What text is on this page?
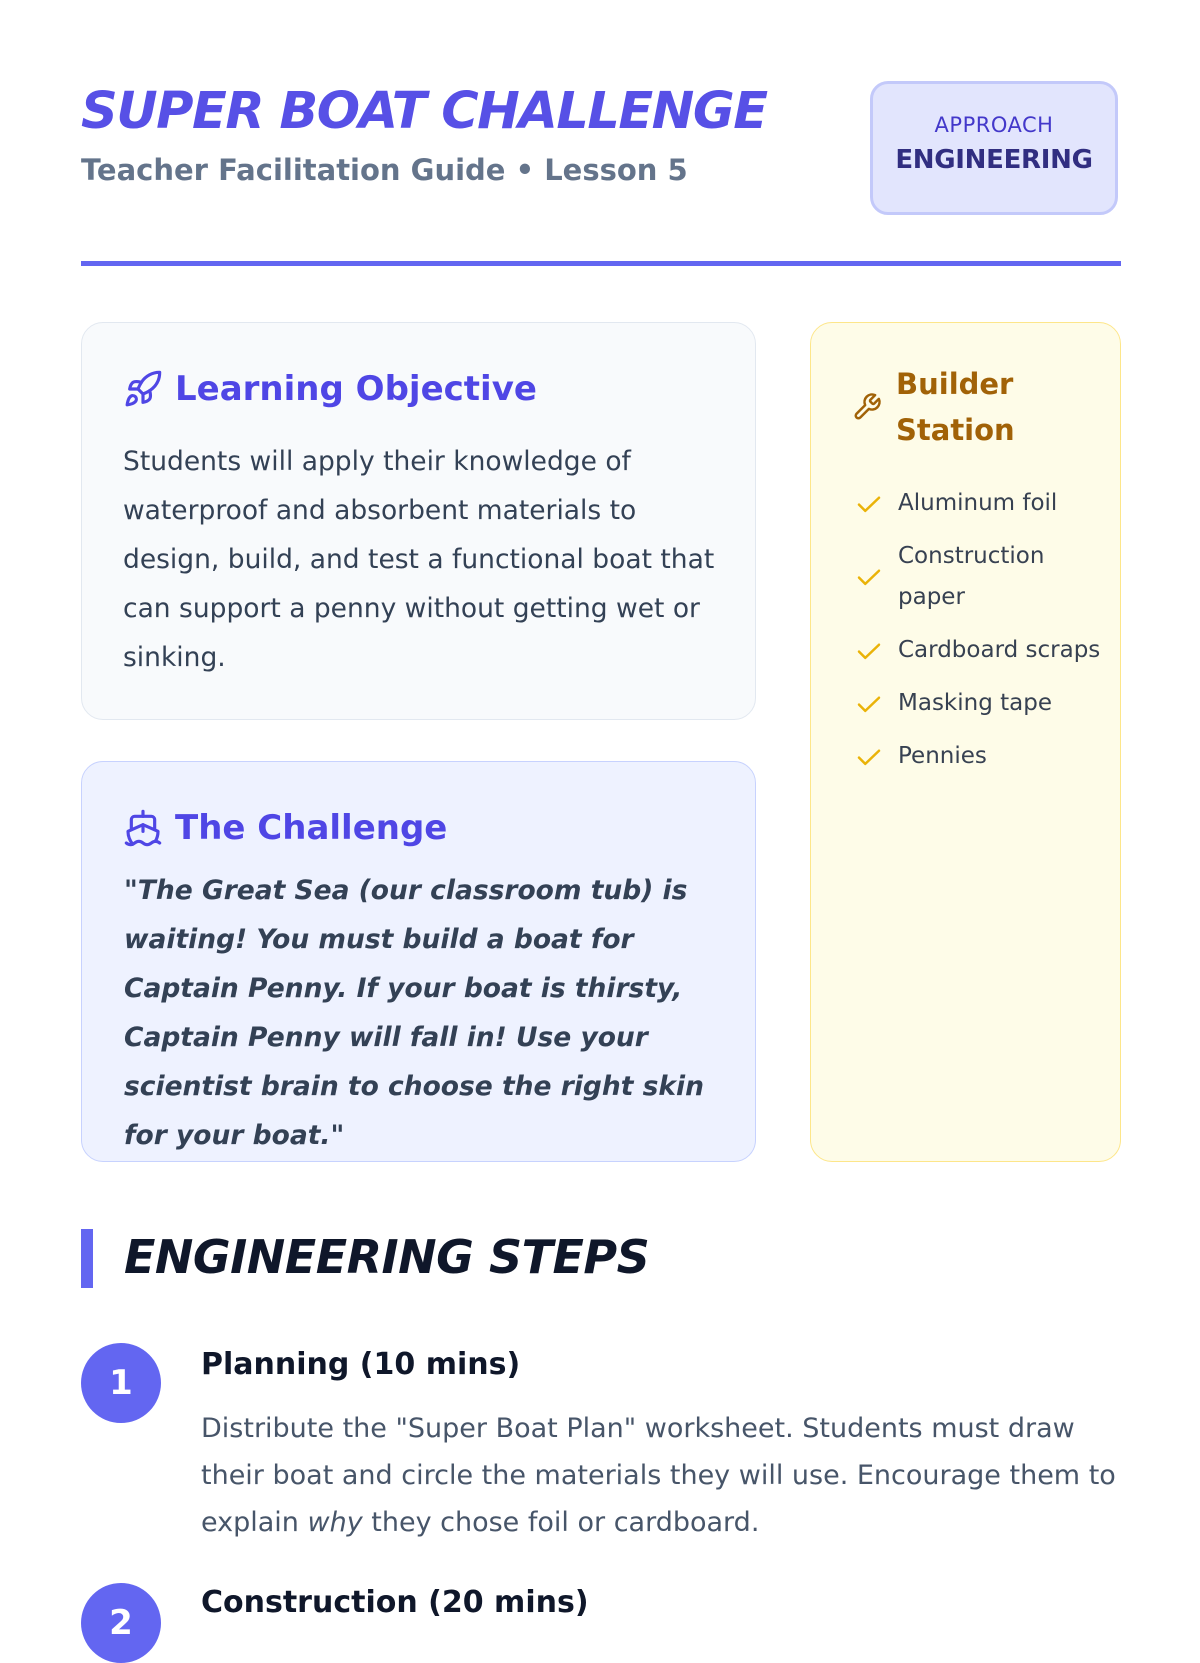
SUPER BOAT CHALLENGE
Teacher Facilitation Guide • Lesson 5
APPROACH
ENGINEERING
Learning Objective

Students will apply their knowledge of waterproof and absorbent materials to design, build, and test a functional boat that can support a penny without getting wet or sinking.

The Challenge

"The Great Sea (our classroom tub) is waiting! You must build a boat for Captain Penny. If your boat is thirsty, Captain Penny will fall in! Use your scientist brain to choose the right skin for your boat."

Builder Station
Aluminum foil
Construction paper
Cardboard scraps
Masking tape
Pennies
ENGINEERING STEPS
1	Planning (10 mins)

Distribute the "Super Boat Plan" worksheet. Students must draw their boat and circle the materials they will use. Encourage them to explain why they chose foil or cardboard.

2
Construction (20 mins)
